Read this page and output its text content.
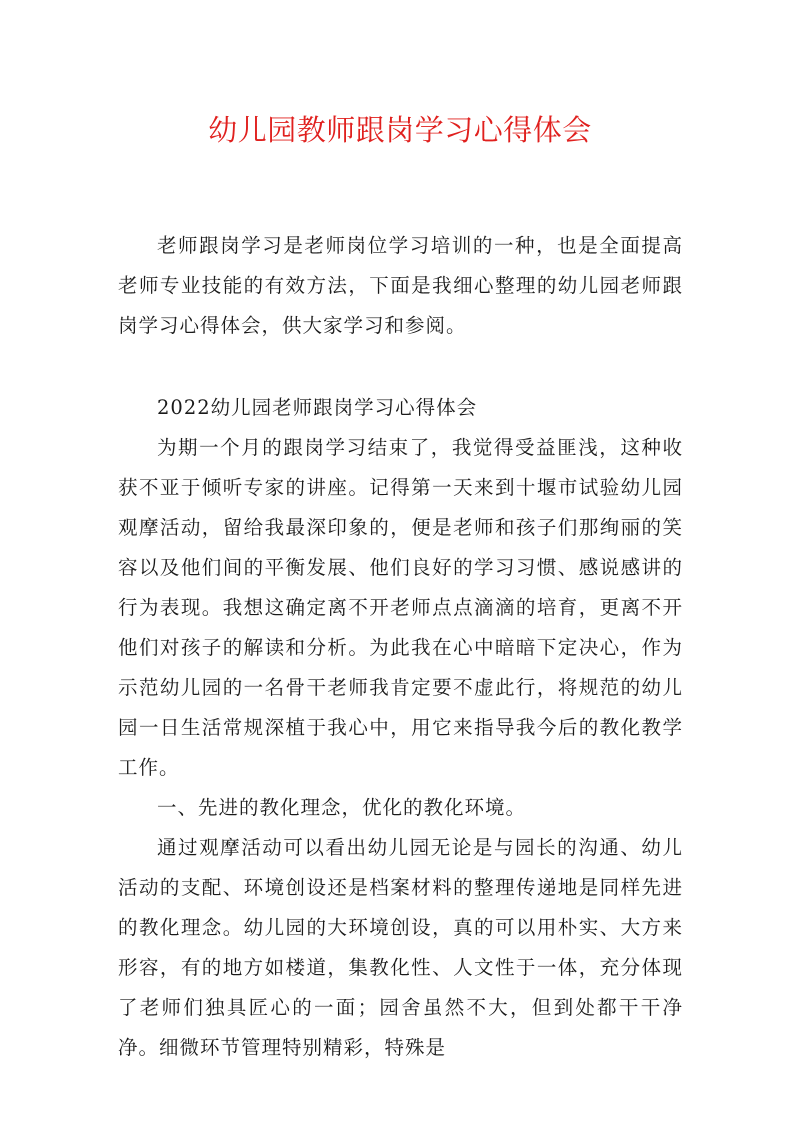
幼儿园教师跟岗学习心得体会

老师跟岗学习是老师岗位学习培训的一种，也是全面提高老师专业技能的有效方法，下面是我细心整理的幼儿园老师跟岗学习心得体会，供大家学习和参阅。

2022幼儿园老师跟岗学习心得体会

为期一个月的跟岗学习结束了，我觉得受益匪浅，这种收获不亚于倾听专家的讲座。记得第一天来到十堰市试验幼儿园观摩活动，留给我最深印象的，便是老师和孩子们那绚丽的笑容以及他们间的平衡发展、他们良好的学习习惯、感说感讲的行为表现。我想这确定离不开老师点点滴滴的培育，更离不开他们对孩子的解读和分析。为此我在心中暗暗下定决心，作为示范幼儿园的一名骨干老师我肯定要不虚此行，将规范的幼儿园一日生活常规深植于我心中，用它来指导我今后的教化教学工作。

一、先进的教化理念，优化的教化环境。

通过观摩活动可以看出幼儿园无论是与园长的沟通、幼儿活动的支配、环境创设还是档案材料的整理传递地是同样先进的教化理念。幼儿园的大环境创设，真的可以用朴实、大方来形容，有的地方如楼道，集教化性、人文性于一体，充分体现了老师们独具匠心的一面；园舍虽然不大，但到处都干干净净。细微环节管理特别精彩，特殊是
